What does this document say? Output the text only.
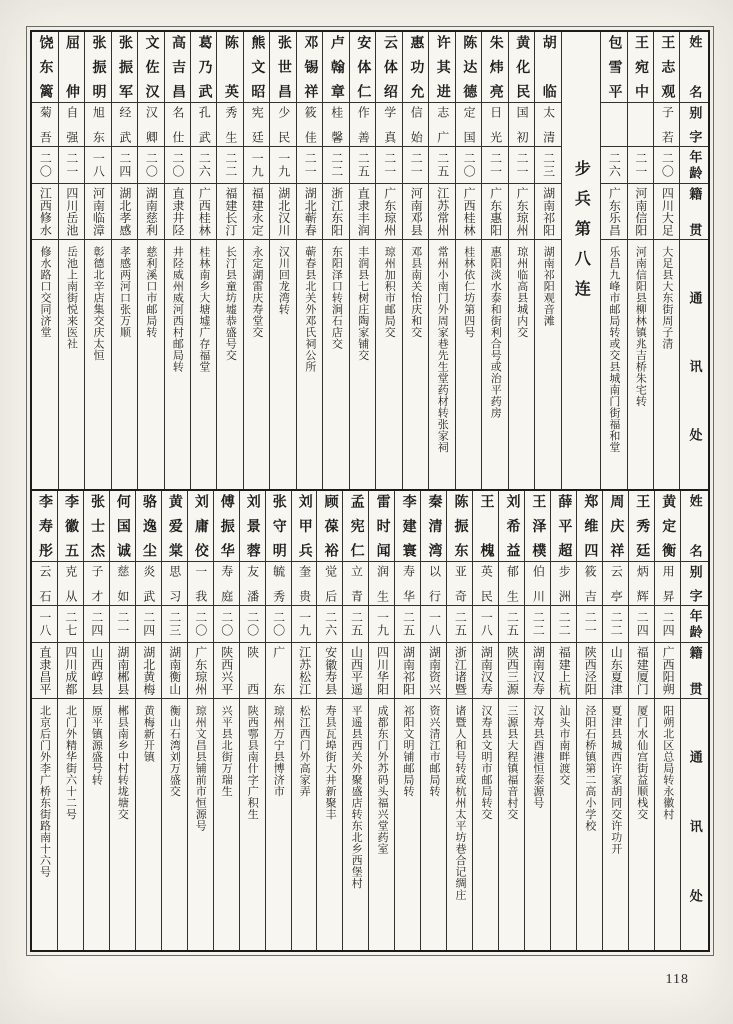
姓名
别字
年龄
籍贯
通讯处
王志观
子若
二〇
四川大足
大足县大东街周子清
王宛中
二一
河南信阳
河南信阳县柳林镇兆吉桥朱宅转
包雪平
二六
广东乐昌
乐昌九峰市邮局转或交县城南门街福和堂
步兵第八连
胡临
太清
二三
湖南祁阳
湖南祁阳观音滩
黄化民
国初
二一
广东琼州
琼州临高县城内交
朱炜亮
日光
二一
广东惠阳
惠阳淡水泰和街利合号或治平药房
陈达德
定国
二〇
广西桂林
桂林依仁坊第四号
许其进
志广
二五
江苏常州
常州小南门外周家巷先生堂药材转张家祠
惠功允
信始
二一
河南邓县
邓县南关怡庆和交
云体绍
学真
二一
广东琼州
琼州加积市邮局交
安体仁
作善
二五
直隶丰润
丰润县七树庄陶家铺交
卢翰章
桂馨
二二
浙江东阳
东阳泽口转涧石店交
邓锡祥
筱佳
二一
湖北蕲春
蕲春县北关外邓氏祠公所
张世昌
少民
一九
湖北汉川
汉川回龙湾转
熊文昭
宪廷
一九
福建永定
永定湖雷庆寿堂交
陈英
秀生
二二
福建长汀
长汀县童坊墟恭盛号交
葛乃武
孔武
二六
广西桂林
桂林南乡大塘墟广存福堂
高吉昌
名仕
二〇
直隶井陉
井陉威州威河西村邮局转
文佐汉
汉卿
二〇
湖南慈利
慈利溪口市邮局转
张振军
经武
二四
湖北孝感
孝感两河口张万顺
张振明
旭东
一八
河南临漳
彰德北辛店集交庆太恒
屈伸
自强
二一
四川岳池
岳池上南街悦来医社
饶东篱
菊吾
二〇
江西修水
修水路口交同济堂
姓名
别字
年龄
籍贯
通讯处
黄定衡
用昇
二四
广西阳朔
阳朔北区总局转永徽村
王秀廷
炳辉
二四
福建厦门
厦门水仙宫街益顺栈交
周庆祥
云亭
二二
山东夏津
夏津县城西许家胡同交许功开
郑维四
筱吉
二一
陕西泾阳
泾阳石桥镇第二高小学校
薛平超
步洲
二二
福建上杭
汕头市南畔渡交
王泽樸
伯川
二二
湖南汉寿
汉寿县酉港恒泰源号
刘希益
郁生
二五
陕西三源
三源县大程镇福音村交
王槐
英民
一八
湖南汉寿
汉寿县文明市邮局转交
陈振东
亚奇
二五
浙江诸暨
诸暨人和号转或杭州太平坊巷合记绸庄
秦清湾
以行
一八
湖南资兴
资兴清江市邮局转
李建寰
寿华
二五
湖南祁阳
祁阳文明铺邮局转
雷时闻
润生
一九
四川华阳
成都东门外苏码头福兴堂药室
孟宪仁
立青
二五
山西平遥
平遥县西关外聚盛店转东北乡西堡村
顾葆裕
觉后
二六
安徽寿县
寿县瓦埠街大井新聚丰
刘甲兵
奎贵
一九
江苏松江
松江西门外高家弄
张守明
毓秀
二〇
广东
琼州万宁县博济市
刘景蓉
友潘
二〇
陕西
陕西鄠县南什字广积生
傅振华
寿庭
二〇
陕西兴平
兴平县北街万瑞生
刘庸佼
一我
二〇
广东琼州
琼州文昌县铺前市恒源号
黄爱棠
思习
二三
湖南衡山
衡山石湾刘万盛交
骆逸尘
炎武
二四
湖北黄梅
黄梅新开镇
何国诚
慈如
二一
湖南郴县
郴县南乡中村转垅塘交
张士杰
子才
二四
山西崞县
原平镇源盛号转
李徽五
克从
二七
四川成都
北门外精华街六十二号
李寿彤
云石
一八
直隶昌平
北京后门外李广桥东街路南十六号
118
